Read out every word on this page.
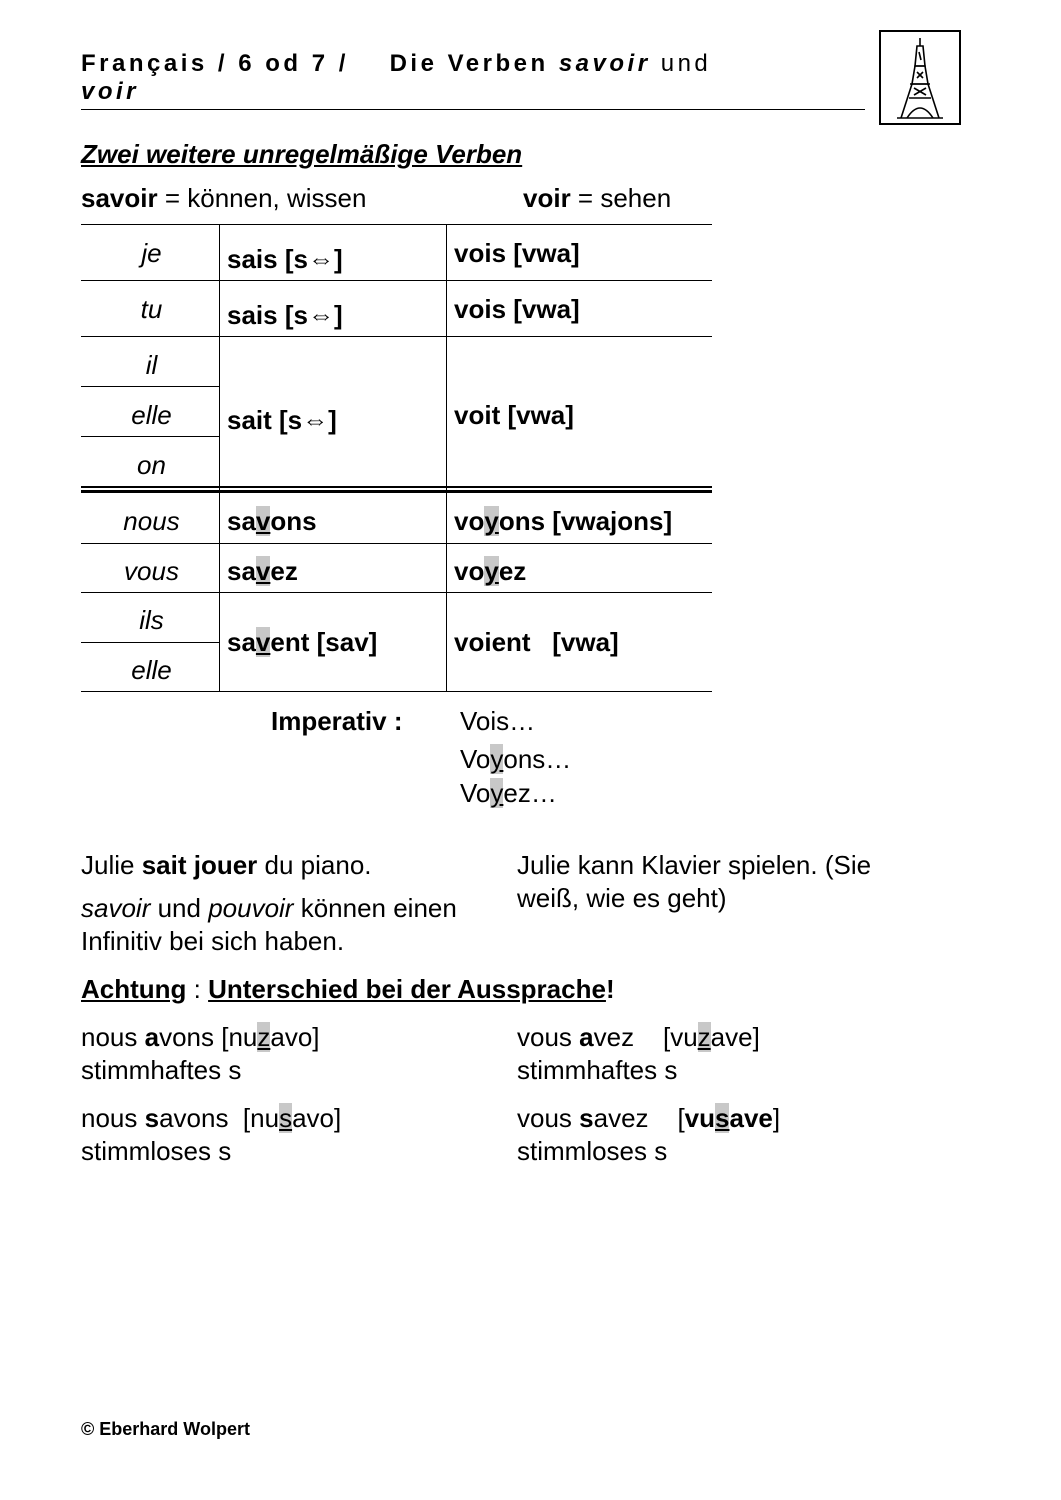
Français / 6 od 7 / Die Verben savoir und
voir
Zwei weitere unregelmäßige Verben
savoir = können, wissen	voir = sehen
je
tu
il
elle
on
nous
vous
ils
elle
sais [s⇔]
sais [s⇔]
sait [s⇔]
savons
savez
savent [sav]
vois [vwa]
vois [vwa]
voit [vwa]
voyons [vwajons]
voyez
voient   [vwa]
Imperativ : Vois…
Voyons…
Voyez…
Julie sait jouer du piano.
savoir und pouvoir können einen
Infinitiv bei sich haben.
Julie kann Klavier spielen. (Sie
weiß, wie es geht)
Achtung : Unterschied bei der Aussprache!
nous avons [nuzavo]
stimmhaftes s
vous avez    [vuzave]
stimmhaftes s
nous savons  [nusavo]
stimmloses s
vous savez    [vusave]
stimmloses s
© Eberhard Wolpert
